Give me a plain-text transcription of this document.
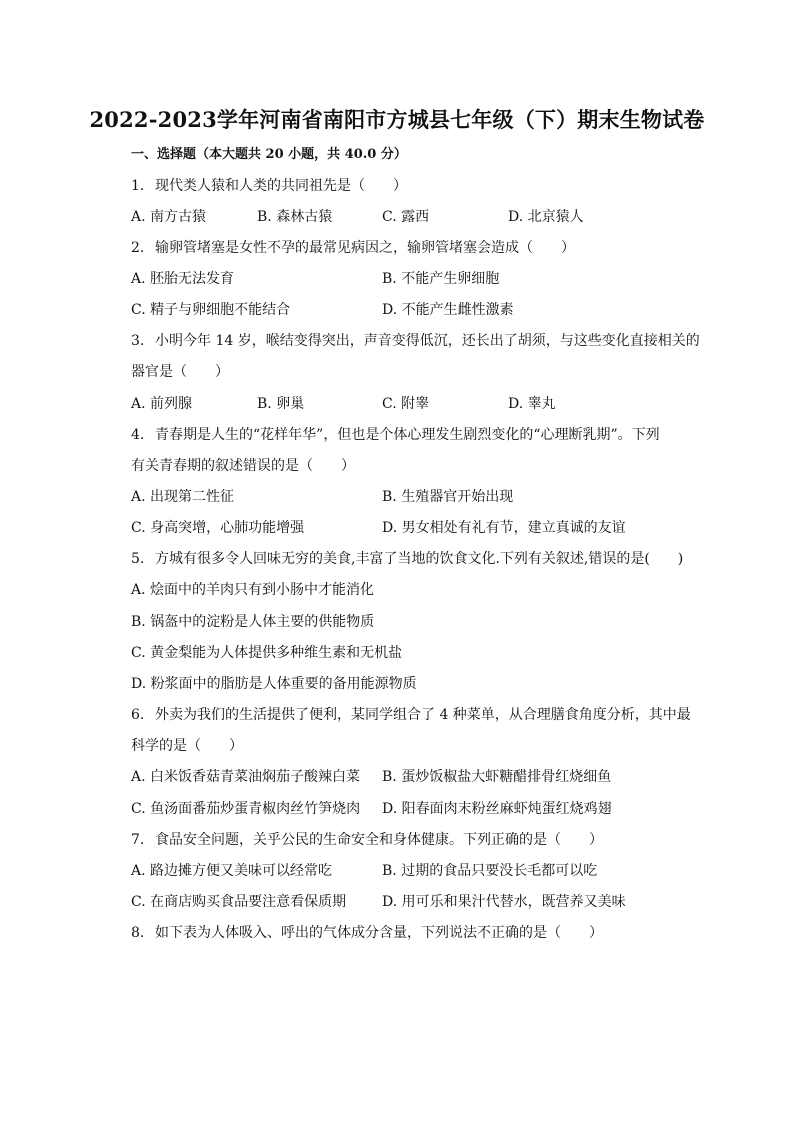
2022-2023学年河南省南阳市方城县七年级（下）期末生物试卷
一、选择题（本大题共 20 小题，共 40.0 分）
1. 现代类人猿和人类的共同祖先是（　　）
A. 南方古猿	B. 森林古猿	C. 露西	D. 北京猿人
2. 输卵管堵塞是女性不孕的最常见病因之，输卵管堵塞会造成（　　）
A. 胚胎无法发育	B. 不能产生卵细胞
C. 精子与卵细胞不能结合	D. 不能产生雌性激素
3. 小明今年 14 岁，喉结变得突出，声音变得低沉，还长出了胡须，与这些变化直接相关的
器官是（　　）
A. 前列腺	B. 卵巢	C. 附睾	D. 睾丸
4. 青春期是人生的“花样年华”，但也是个体心理发生剧烈变化的“心理断乳期”。下列
有关青春期的叙述错误的是（　　）
A. 出现第二性征	B. 生殖器官开始出现
C. 身高突增，心肺功能增强	D. 男女相处有礼有节，建立真诚的友谊
5. 方城有很多令人回味无穷的美食,丰富了当地的饮食文化.下列有关叙述,错误的是(　　)
A. 烩面中的羊肉只有到小肠中才能消化
B. 锅盔中的淀粉是人体主要的供能物质
C. 黄金梨能为人体提供多种维生素和无机盐
D. 粉浆面中的脂肪是人体重要的备用能源物质
6. 外卖为我们的生活提供了便利，某同学组合了 4 种菜单，从合理膳食角度分析，其中最
科学的是（　　）
A. 白米饭香菇青菜油焖茄子酸辣白菜 B. 蛋炒饭椒盐大虾糖醋排骨红烧细鱼
C. 鱼汤面番茄炒蛋青椒肉丝竹笋烧肉 D. 阳春面肉末粉丝麻虾炖蛋红烧鸡翅
7. 食品安全问题，关乎公民的生命安全和身体健康。下列正确的是（　　）
A. 路边摊方便又美味可以经常吃	B. 过期的食品只要没长毛都可以吃
C. 在商店购买食品要注意看保质期	D. 用可乐和果汁代替水，既营养又美味
8. 如下表为人体吸入、呼出的气体成分含量，下列说法不正确的是（　　）
